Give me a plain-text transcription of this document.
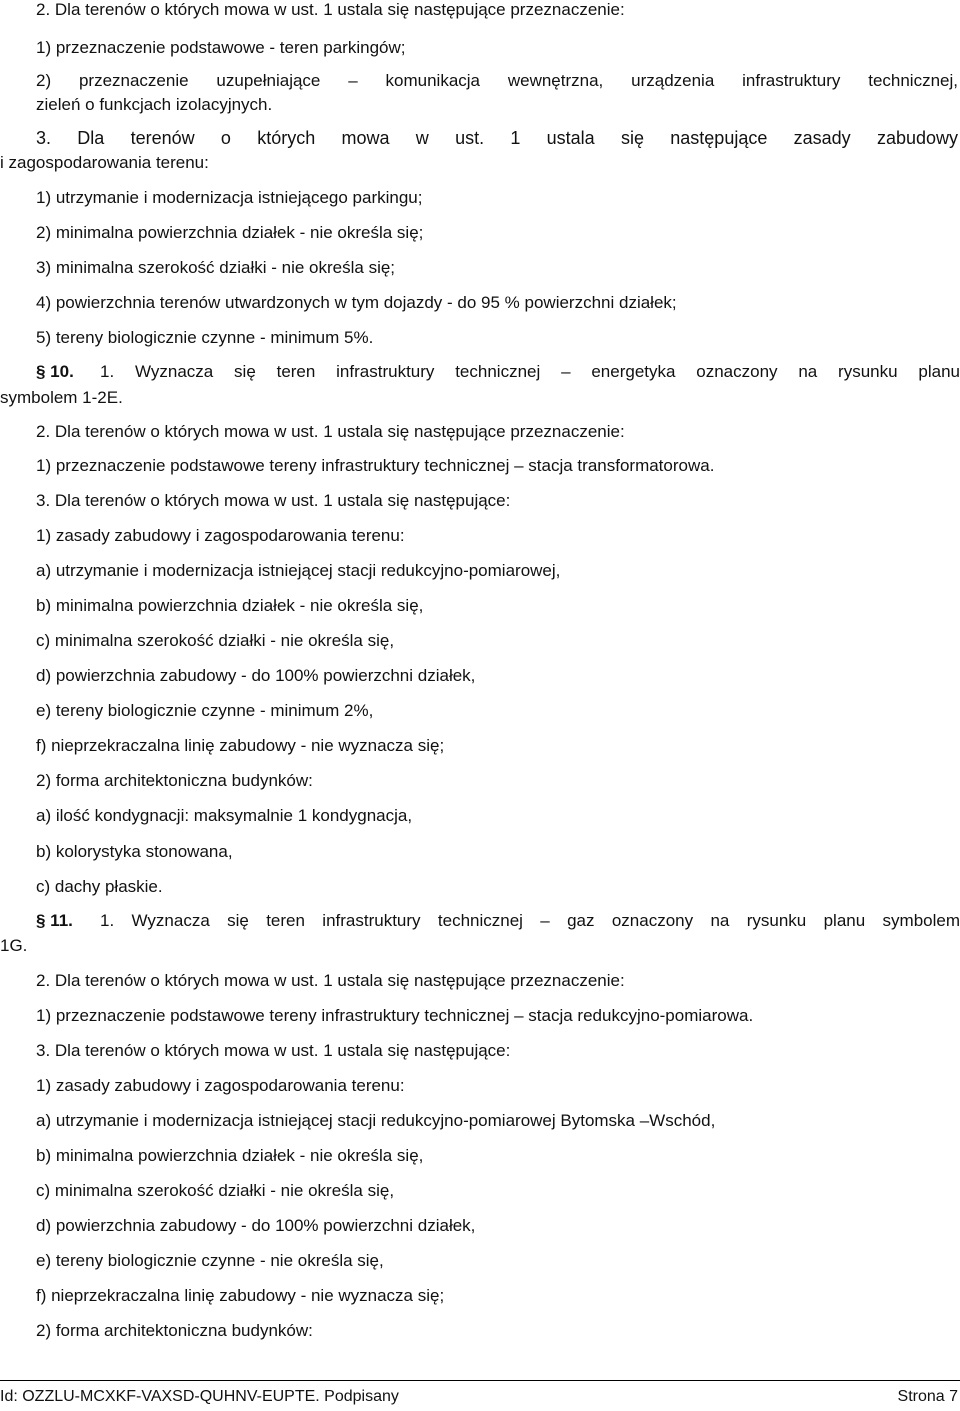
2. Dla terenów o których mowa w ust. 1 ustala się następujące przeznaczenie:
1) przeznaczenie podstawowe - teren parkingów;
2) przeznaczenie uzupełniające – komunikacja wewnętrzna, urządzenia infrastruktury technicznej,
zieleń o funkcjach izolacyjnych.
3. Dla terenów o których mowa w ust. 1 ustala się następujące zasady zabudowy
i zagospodarowania terenu:
1) utrzymanie i modernizacja istniejącego parkingu;
2) minimalna powierzchnia działek - nie określa się;
3) minimalna szerokość działki - nie określa się;
4) powierzchnia terenów utwardzonych w tym dojazdy - do 95 % powierzchni działek;
5) tereny biologicznie czynne - minimum 5%.
§ 10. 1. Wyznacza się teren infrastruktury technicznej – energetyka oznaczony na rysunku planu
symbolem 1-2E.
2. Dla terenów o których mowa w ust. 1 ustala się następujące przeznaczenie:
1) przeznaczenie podstawowe tereny infrastruktury technicznej – stacja transformatorowa.
3. Dla terenów o których mowa w ust. 1 ustala się następujące:
1) zasady zabudowy i zagospodarowania terenu:
a) utrzymanie i modernizacja istniejącej stacji redukcyjno-pomiarowej,
b) minimalna powierzchnia działek - nie określa się,
c) minimalna szerokość działki - nie określa się,
d) powierzchnia zabudowy - do 100% powierzchni działek,
e) tereny biologicznie czynne - minimum 2%,
f) nieprzekraczalna linię zabudowy - nie wyznacza się;
2) forma architektoniczna budynków:
a) ilość kondygnacji: maksymalnie 1 kondygnacja,
b) kolorystyka stonowana,
c) dachy płaskie.
§ 11. 1. Wyznacza się teren infrastruktury technicznej – gaz oznaczony na rysunku planu symbolem
1G.
2. Dla terenów o których mowa w ust. 1 ustala się następujące przeznaczenie:
1) przeznaczenie podstawowe tereny infrastruktury technicznej – stacja redukcyjno-pomiarowa.
3. Dla terenów o których mowa w ust. 1 ustala się następujące:
1) zasady zabudowy i zagospodarowania terenu:
a) utrzymanie i modernizacja istniejącej stacji redukcyjno-pomiarowej Bytomska –Wschód,
b) minimalna powierzchnia działek - nie określa się,
c) minimalna szerokość działki - nie określa się,
d) powierzchnia zabudowy - do 100% powierzchni działek,
e) tereny biologicznie czynne - nie określa się,
f) nieprzekraczalna linię zabudowy - nie wyznacza się;
2) forma architektoniczna budynków:
Id: OZZLU-MCXKF-VAXSD-QUHNV-EUPTE. Podpisany	Strona 7
